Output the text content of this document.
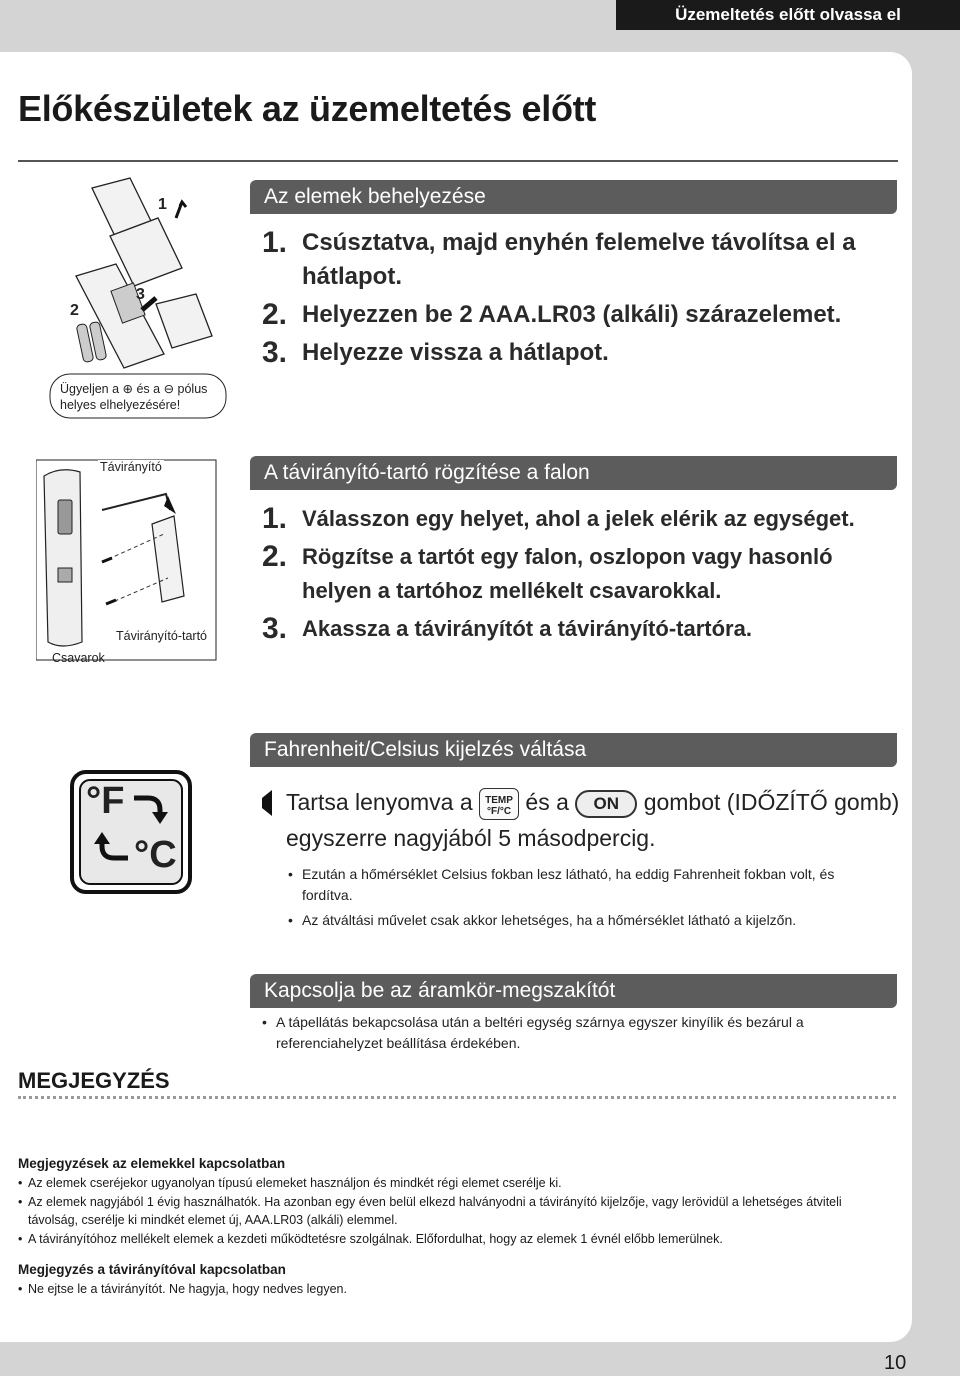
Üzemeltetés előtt olvassa el
Előkészületek az üzemeltetés előtt
1
2
3
Ügyeljen a ⊕ és a ⊖ pólus
helyes elhelyezésére!
Az elemek behelyezése
1. Csúsztatva, majd enyhén felemelve távolítsa el a hátlapot.
2. Helyezzen be 2 AAA.LR03 (alkáli) szárazelemet.
3. Helyezze vissza a hátlapot.
Távirányító
Távirányító-tartó
Csavarok
A távirányító-tartó rögzítése a falon
1. Válasszon egy helyet, ahol a jelek elérik az egységet.
2. Rögzítse a tartót egy falon, oszlopon vagy hasonló helyen a tartóhoz mellékelt csavarokkal.
3. Akassza a távirányítót a távirányító-tartóra.
°F
°C
Fahrenheit/Celsius kijelzés váltása
Tartsa lenyomva a TEMP
°F/°C és a ON gombot (IDŐZÍTŐ gomb) egyszerre nagyjából 5 másodpercig.
• Ezután a hőmérséklet Celsius fokban lesz látható, ha eddig Fahrenheit fokban volt, és fordítva.
• Az átváltási művelet csak akkor lehetséges, ha a hőmérséklet látható a kijelzőn.
Kapcsolja be az áramkör-megszakítót
• A tápellátás bekapcsolása után a beltéri egység szárnya egyszer kinyílik és bezárul a referenciahelyzet beállítása érdekében.
MEGJEGYZÉS
Megjegyzések az elemekkel kapcsolatban
• Az elemek cseréjekor ugyanolyan típusú elemeket használjon és mindkét régi elemet cserélje ki.
• Az elemek nagyjából 1 évig használhatók. Ha azonban egy éven belül elkezd halványodni a távirányító kijelzője, vagy lerövidül a lehetséges átviteli távolság, cserélje ki mindkét elemet új, AAA.LR03 (alkáli) elemmel.
• A távirányítóhoz mellékelt elemek a kezdeti működtetésre szolgálnak. Előfordulhat, hogy az elemek 1 évnél előbb lemerülnek.
Megjegyzés a távirányítóval kapcsolatban
• Ne ejtse le a távirányítót. Ne hagyja, hogy nedves legyen.
10
